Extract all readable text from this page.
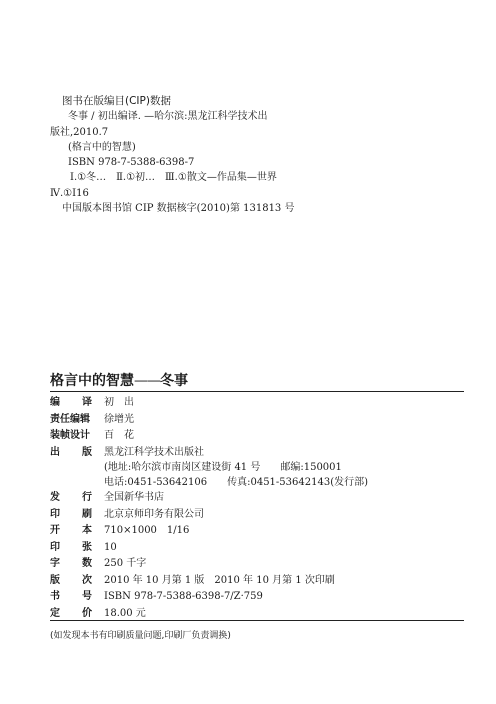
图书在版编目(CIP)数据
冬事 / 初出编译. —哈尔滨:黑龙江科学技术出
版社,2010.7
(格言中的智慧)
ISBN 978-7-5388-6398-7
Ⅰ.①冬…　Ⅱ.①初…　Ⅲ.①散文—作品集—世界
Ⅳ.①I16
中国版本图书馆 CIP 数据核字(2010)第 131813 号
格言中的智慧——冬事
编 译 初　出
责任编辑 徐增光
装帧设计 百　花
出 版 黑龙江科学技术出版社
(地址:哈尔滨市南岗区建设街 41 号　　邮编:150001
电话:0451-53642106　　传真:0451-53642143(发行部)
发 行 全国新华书店
印 刷 北京京师印务有限公司
开 本 710×1000　1/16
印 张 10
字 数 250 千字
版 次 2010 年 10 月第 1 版　2010 年 10 月第 1 次印刷
书 号 ISBN 978-7-5388-6398-7/Z·759
定 价 18.00 元
(如发现本书有印刷质量问题,印刷厂负责调换)
